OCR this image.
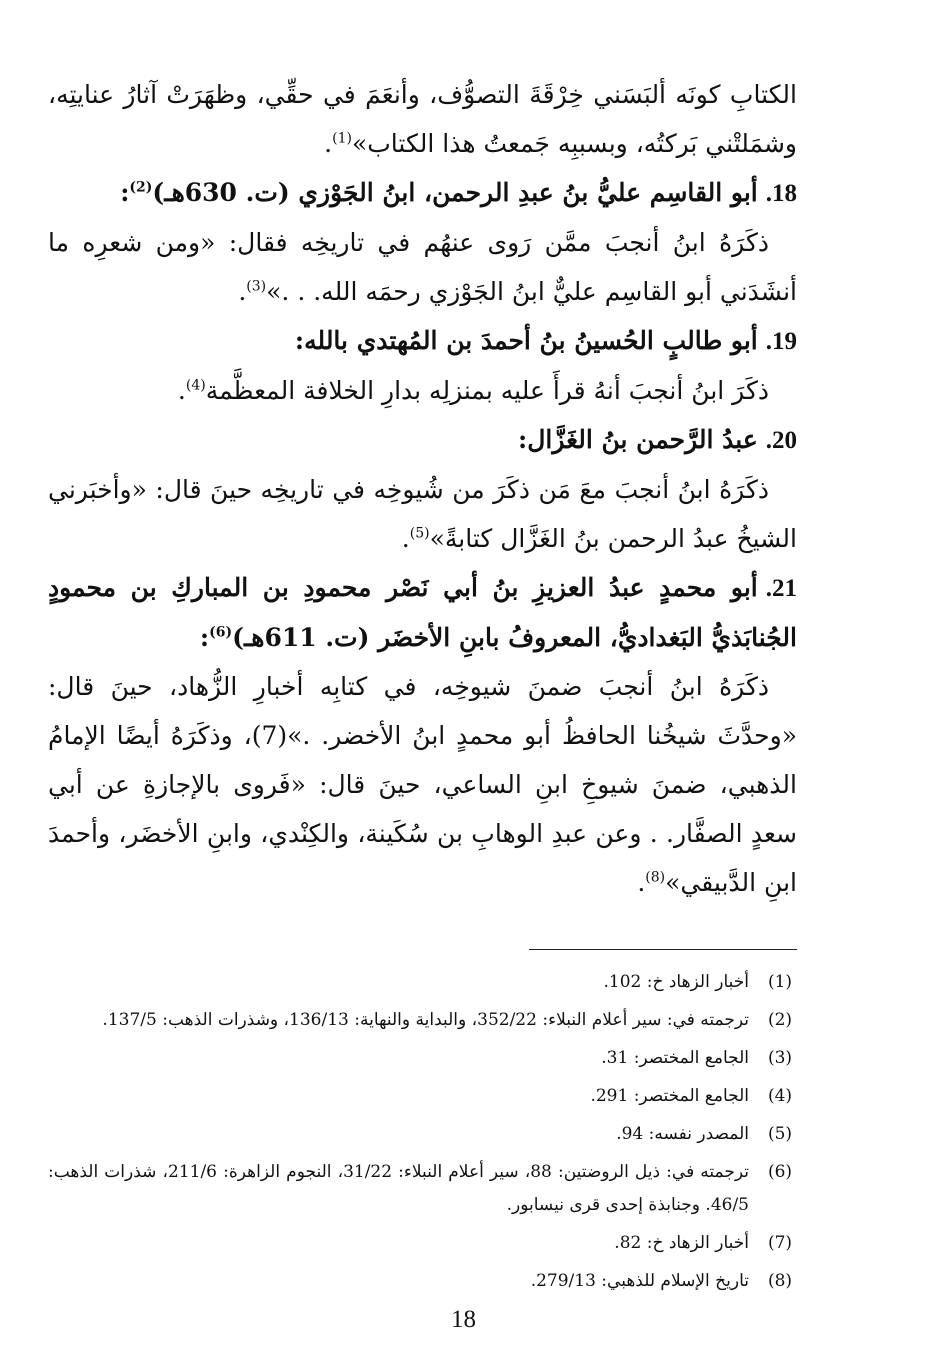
الكتابِ كونَه ألبَسَني خِرْقَةَ التصوُّف، وأنعَمَ في حقِّي، وظهَرَتْ آثارُ عنايتِه، وشمَلتْني بَركتُه، وبسببِه جَمعتُ هذا الكتاب»$^{(1)}$.

18.أبو القاسِم عليُّ بنُ عبدِ الرحمن، ابنُ الجَوْزي (ت. 630هـ)$^{(2)}$:

ذكَرَهُ ابنُ أنجبَ ممَّن رَوى عنهُم في تاريخِه فقال: «ومن شعرِه ما أنشَدَني أبو القاسِم عليٌّ ابنُ الجَوْزي رحمَه الله. . .»$^{(3)}$.

19.أبو طالبٍ الحُسينُ بنُ أحمدَ بن المُهتدي بالله:

ذكَرَ ابنُ أنجبَ أنهُ قرأَ عليه بمنزلِه بدارِ الخلافة المعظَّمة$^{(4)}$.

20.عبدُ الرَّحمن بنُ الغَزَّال:

ذكَرَهُ ابنُ أنجبَ معَ مَن ذكَرَ من شُيوخِه في تاريخِه حينَ قال: «وأخبَرني الشيخُ عبدُ الرحمن بنُ الغَزَّال كتابةً»$^{(5)}$.

21.أبو محمدٍ عبدُ العزيزِ بنُ أبي نَصْر محمودِ بن المباركِ بن محمودٍ الجُنابَذيُّ البَغداديُّ، المعروفُ بابنِ الأخضَر (ت. 611هـ)$^{(6)}$:

ذكَرَهُ ابنُ أنجبَ ضمنَ شيوخِه، في كتابِه أخبارِ الزُّهاد، حينَ قال: «وحدَّثَ شيخُنا الحافظُ أبو محمدٍ ابنُ الأخضر. .»(7)، وذكَرَهُ أيضًا الإمامُ الذهبي، ضمنَ شيوخِ ابنِ الساعي، حينَ قال: «فَروى بالإجازةِ عن أبي سعدٍ الصفَّار. . وعن عبدِ الوهابِ بن سُكَينة، والكِنْدي، وابنِ الأخضَر، وأحمدَ ابنِ الدَّبيقي»$^{(8)}$.

(1)
أخبار الزهاد خ: 102.
(2)
ترجمته في: سير أعلام النبلاء: 352/22، والبداية والنهاية: 136/13، وشذرات الذهب: 137/5.
(3)
الجامع المختصر: 31.
(4)
الجامع المختصر: 291.
(5)
المصدر نفسه: 94.
(6)
ترجمته في: ذيل الروضتين: 88، سير أعلام النبلاء: 31/22، النجوم الزاهرة: 211/6، شذرات الذهب: 46/5. وجنابذة إحدى قرى نيسابور.
(7)
أخبار الزهاد خ: 82.
(8)
تاريخ الإسلام للذهبي: 279/13.
18
